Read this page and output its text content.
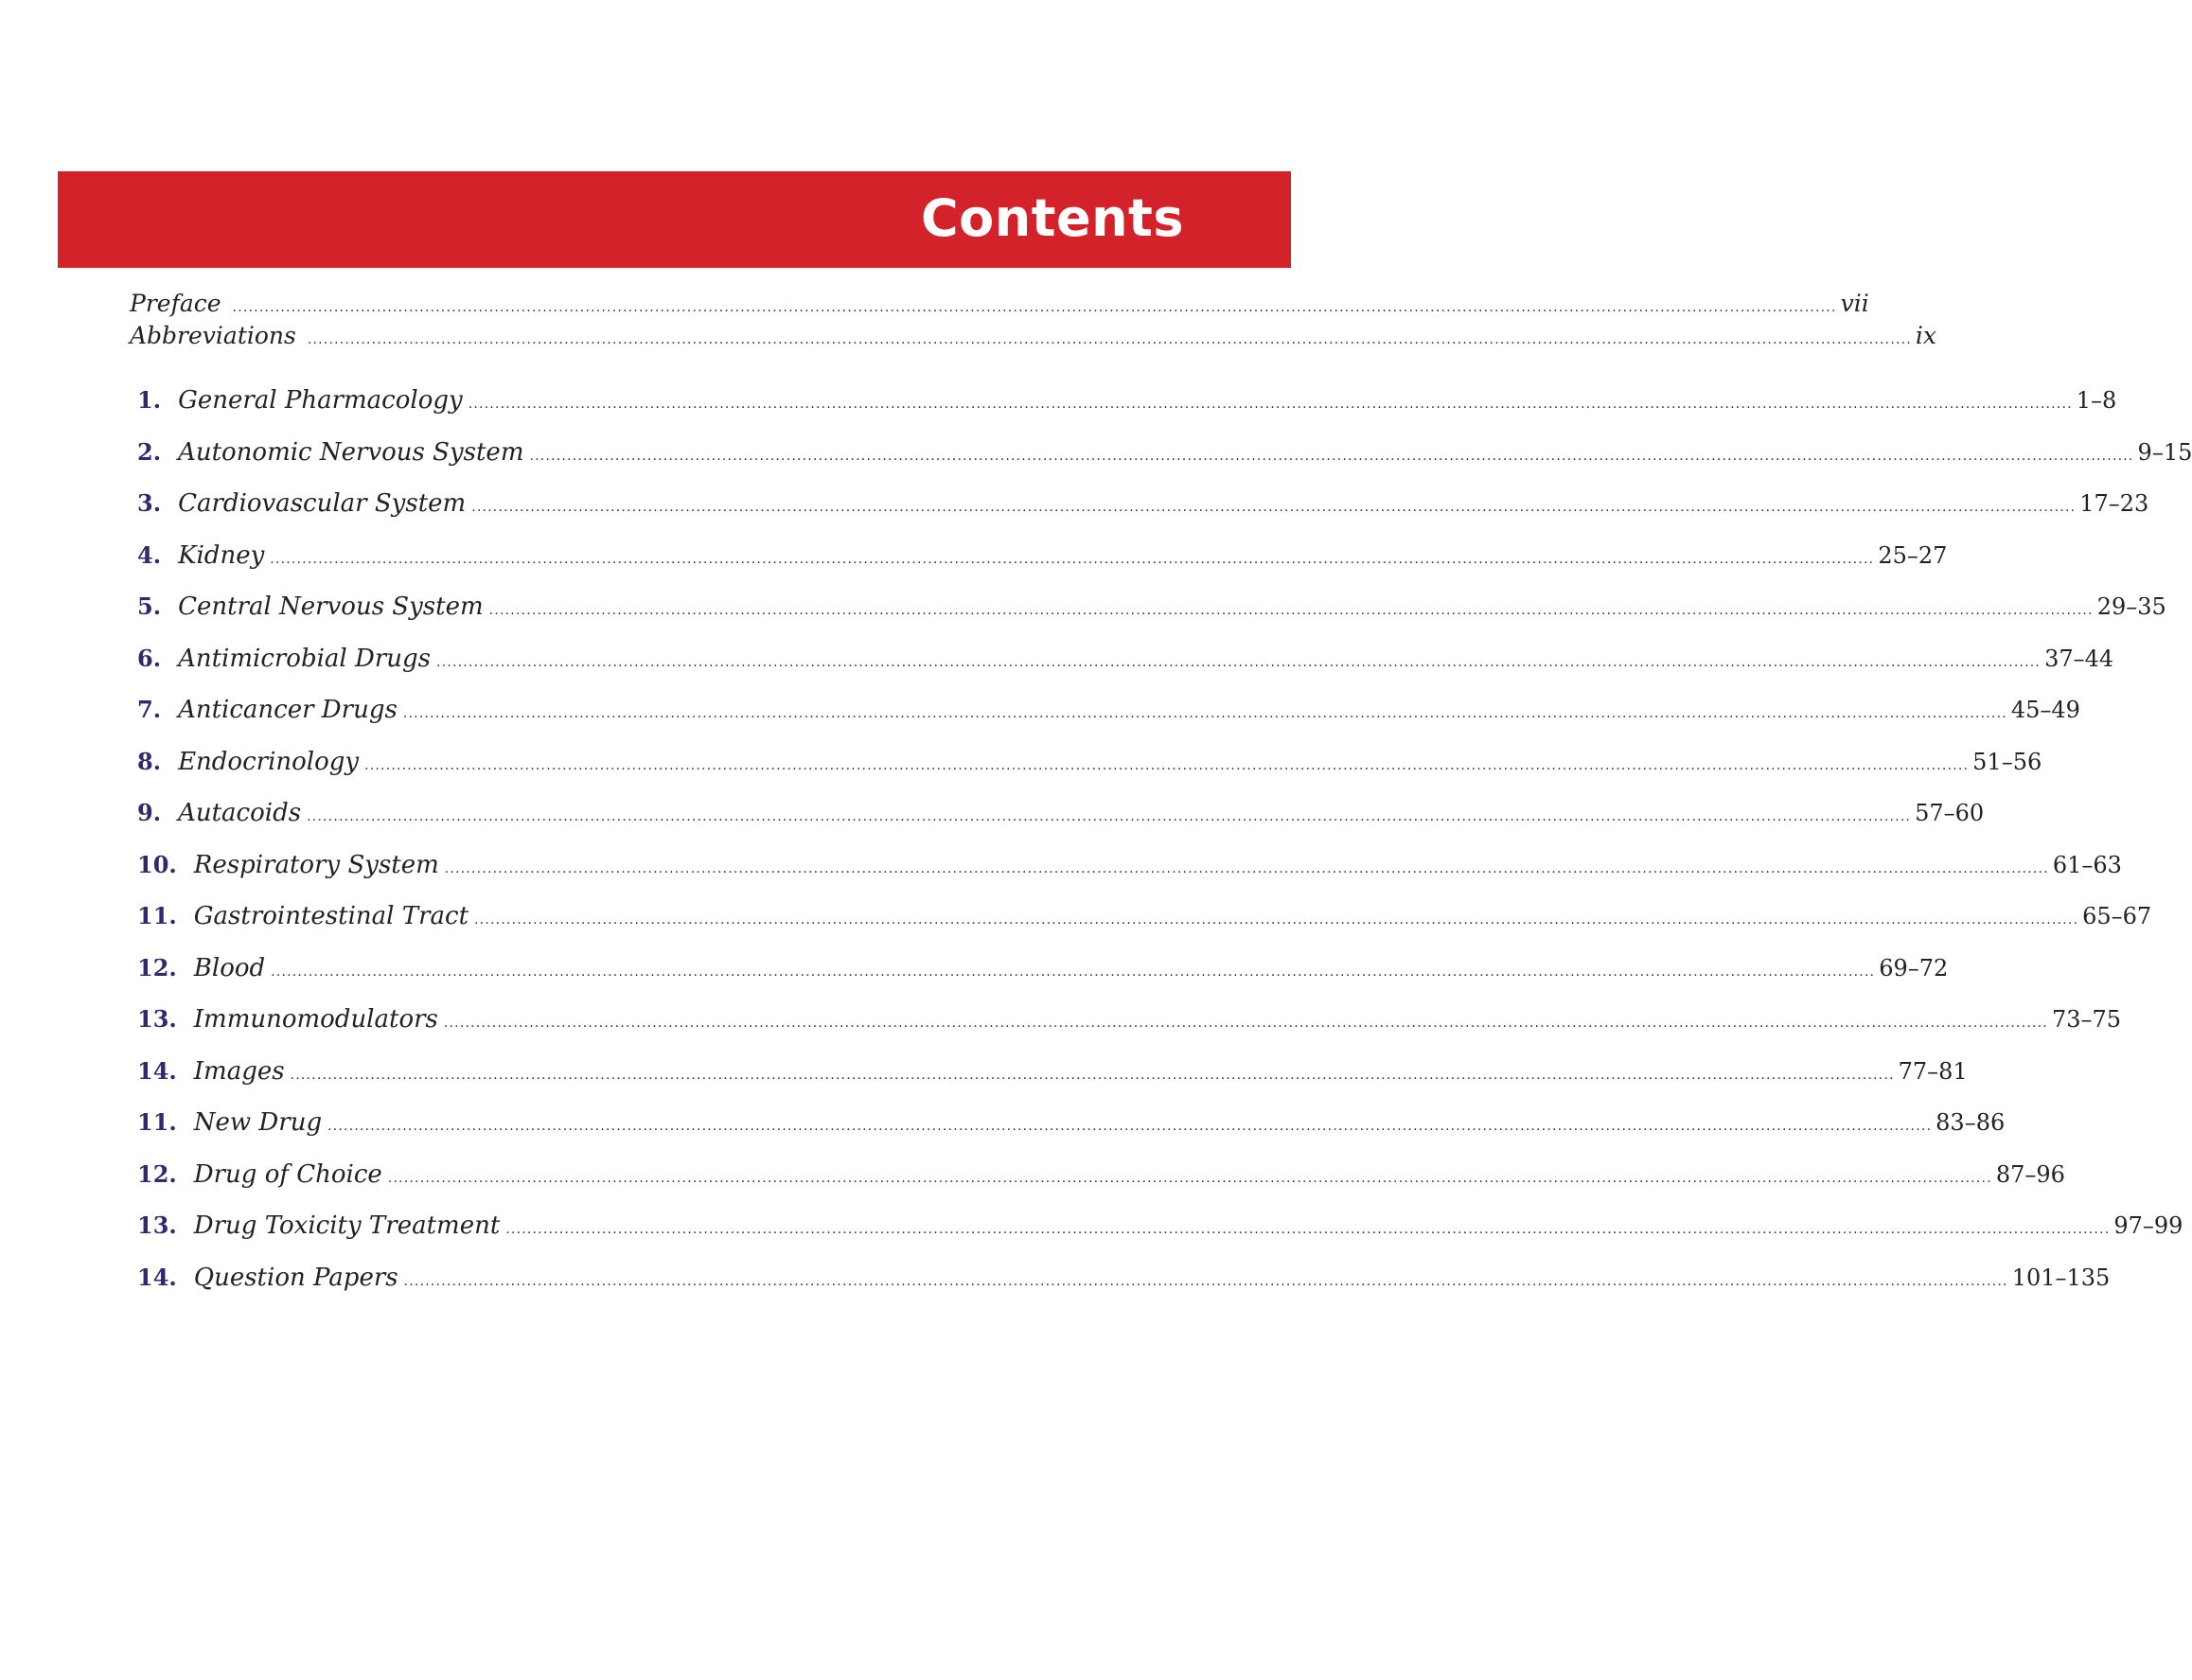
Contents
Preface ............................................................................................................................................................................................................................................................................................................ vii
Abbreviations ............................................................................................................................................................................................................................................................................................................ ix
1. General Pharmacology ............................................................................................................................................................................................................................................................................................................ 1–8
2. Autonomic Nervous System ............................................................................................................................................................................................................................................................................................................ 9–15
3. Cardiovascular System ............................................................................................................................................................................................................................................................................................................ 17–23
4. Kidney ............................................................................................................................................................................................................................................................................................................ 25–27
5. Central Nervous System ............................................................................................................................................................................................................................................................................................................ 29–35
6. Antimicrobial Drugs ............................................................................................................................................................................................................................................................................................................ 37–44
7. Anticancer Drugs ............................................................................................................................................................................................................................................................................................................ 45–49
8. Endocrinology ............................................................................................................................................................................................................................................................................................................ 51–56
9. Autacoids ............................................................................................................................................................................................................................................................................................................ 57–60
10. Respiratory System ............................................................................................................................................................................................................................................................................................................ 61–63
11. Gastrointestinal Tract ............................................................................................................................................................................................................................................................................................................ 65–67
12. Blood ............................................................................................................................................................................................................................................................................................................ 69–72
13. Immunomodulators ............................................................................................................................................................................................................................................................................................................ 73–75
14. Images ............................................................................................................................................................................................................................................................................................................ 77–81
11. New Drug ............................................................................................................................................................................................................................................................................................................ 83–86
12. Drug of Choice ............................................................................................................................................................................................................................................................................................................ 87–96
13. Drug Toxicity Treatment ............................................................................................................................................................................................................................................................................................................ 97–99
14. Question Papers ............................................................................................................................................................................................................................................................................................................ 101–135
